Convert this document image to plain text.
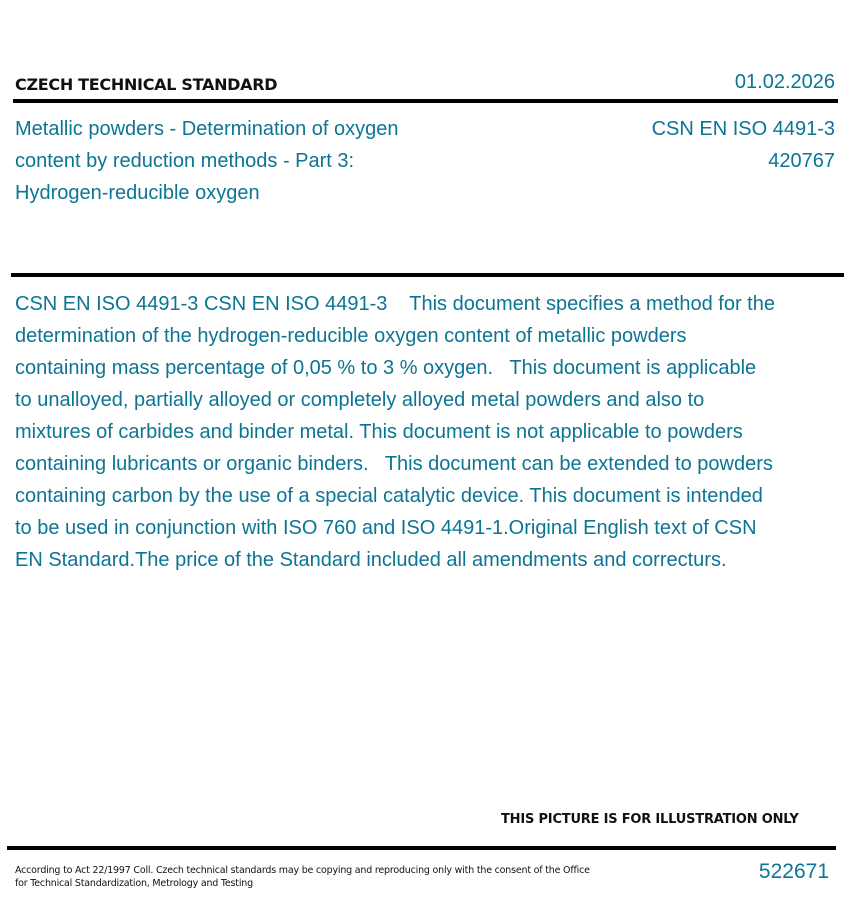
CZECH TECHNICAL STANDARD	01.02.2026
Metallic powders - Determination of oxygen content by reduction methods - Part 3: Hydrogen-reducible oxygen
CSN EN ISO 4491-3
420767
CSN EN ISO 4491-3 CSN EN ISO 4491-3    This document specifies a method for the determination of the hydrogen-reducible oxygen content of metallic powders containing mass percentage of 0,05 % to 3 % oxygen.   This document is applicable to unalloyed, partially alloyed or completely alloyed metal powders and also to mixtures of carbides and binder metal. This document is not applicable to powders containing lubricants or organic binders.   This document can be extended to powders containing carbon by the use of a special catalytic device. This document is intended to be used in conjunction with ISO 760 and ISO 4491-1.Original English text of CSN EN Standard.The price of the Standard included all amendments and correcturs.
THIS PICTURE IS FOR ILLUSTRATION ONLY
According to Act 22/1997 Coll. Czech technical standards may be copying and reproducing only with the consent of the Office for Technical Standardization, Metrology and Testing
522671
